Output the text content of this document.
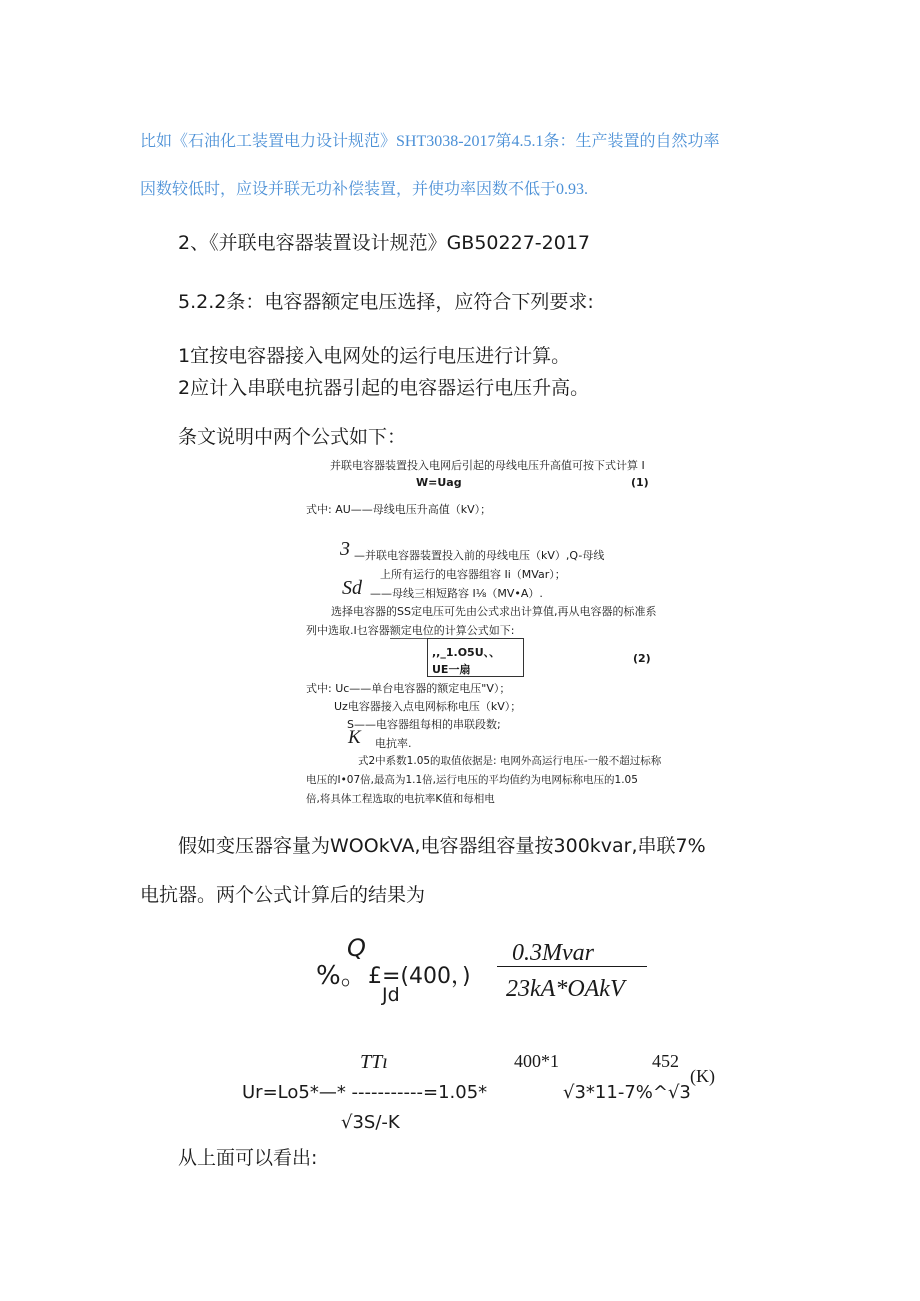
比如《石油化工装置电力设计规范》SHT3038-2017第4.5.1条：生产装置的自然功率
因数较低时，应设并联无功补偿装置，并使功率因数不低于0.93.
2、《并联电容器装置设计规范》GB50227-2017
5.2.2条：电容器额定电压选择，应符合下列要求:
1宜按电容器接入电网处的运行电压进行计算。
2应计入串联电抗器引起的电容器运行电压升高。
条文说明中两个公式如下：
并联电容器装置投入电网后引起的母线电压升高值可按下式计算 I
W=Uag	(1)
式中: AU——母线电压升高值（kV）；
3 —并联电容器装置投入前的母线电压（kV）,Q-母线
上所有运行的电容器组容 Ii（MVar）；
Sd ——母线三相短路容 I⅛（MV•A）.
选择电容器的SS定电压可先由公式求出计算值,再从电容器的标准系
列中选取.I乜容器额定电位的计算公式如下:
,,_1.O5U、、
UE一扇
(2)
式中: Uc——单台电容器的额定电压"V）；
Uz电容器接入点电网标称电压（kV）；
S——电容器组每相的串联段数;
K 电抗率.
式2中系数1.05的取值依据是: 电网外高运行电压-一般不超过标称
电压的I•07倍,最高为1.1倍,运行电压的平均值约为电网标称电压的1.05
倍,将具体工程选取的电抗率K值和每相电
假如变压器容量为WOOkVA,电容器组容量按300kvar,串联7%
电抗器。两个公式计算后的结果为
%。
Q
£=(400，)
Jd
0.3Mvar
23kA*OAkV
TTı	400*1	452
(K)
Ur=Lo5*—* -----------=1.05*	√3*11-7%^√3
√3S/-K
从上面可以看出:
